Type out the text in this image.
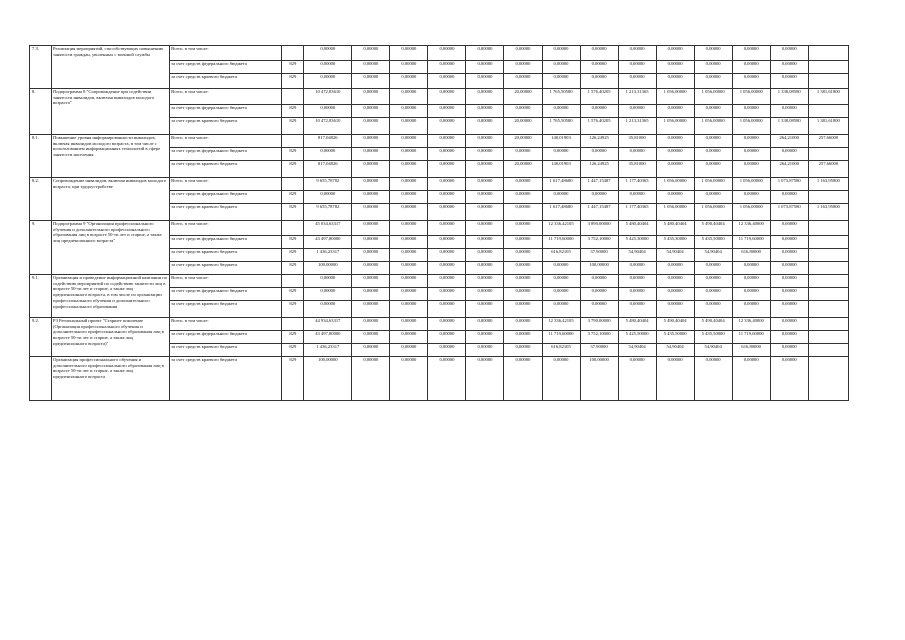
7.3.	Реализация мероприятий, способствующих повышению занятости граждан, уволенных с военной службы	Всего, в том числе:		0,00000	0,00000	0,00000	0,00000	0,00000	0,00000	0,00000	0,00000	0,00000	0,00000	0,00000	0,00000	0,00000	
		за счет средств федерального бюджета	829	0,00000	0,00000	0,00000	0,00000	0,00000	0,00000	0,00000	0,00000	0,00000	0,00000	0,00000	0,00000	0,00000	
		за счет средств краевого бюджета	829	0,00000	0,00000	0,00000	0,00000	0,00000	0,00000	0,00000	0,00000	0,00000	0,00000	0,00000	0,00000	0,00000	
8.	Подпрограмма 8 "Сопровождение при содействии занятости инвалидов, включая инвалидов молодого возраста"	Всего, в том числе:		10 472,83610	0,00000	0,00000	0,00000	0,00000	20,00000	1 765,50580	1 576,40205	1 213,31365	1 056,00000	1 056,00000	1 056,00000	1 338,08580	1 381,61800
		за счет средств федерального бюджета	829	0,00000	0,00000	0,00000	0,00000	0,00000	0,00000	0,00000	0,00000	0,00000	0,00000	0,00000	0,00000	0,00000	
		за счет средств краевого бюджета	829	10 472,83610	0,00000	0,00000	0,00000	0,00000	20,00000	1 765,50580	1 576,40205	1 213,31365	1 056,00000	1 056,00000	1 056,00000	1 338,08580	1 381,61800
8.1.	Повышение уровня информированности инвалидов, включая инвалидов молодого возраста, в том числе с использованием информационных технологий в сфере занятости населения	Всего, в том числе:		817,04826	0,00000	0,00000	0,00000	0,00000	20,00000	140,01903	126,24925	35,81000	0,00000	0,00000	0,00000	264,21000	257,66000
		за счет средств федерального бюджета	829	0,00000	0,00000	0,00000	0,00000	0,00000	0,00000	0,00000	0,00000	0,00000	0,00000	0,00000	0,00000	0,00000	
		за счет средств краевого бюджета	829	817,04826	0,00000	0,00000	0,00000	0,00000	20,00000	140,01903	126,24925	35,81000	0,00000	0,00000	0,00000	264,21000	257,66000
8.2.	Сопровождение инвалидов, включая инвалидов молодого возраста, при трудоустройстве	Всего, в том числе:		9 655,78782	0,00000	0,00000	0,00000	0,00000	0,00000	1 617,48680	1 447,15487	1 177,40365	1 056,00000	1 056,00000	1 056,00000	1 073,87580	1 163,95800
		за счет средств федерального бюджета	829	0,00000	0,00000	0,00000	0,00000	0,00000	0,00000	0,00000	0,00000	0,00000	0,00000	0,00000	0,00000	0,00000	
		за счет средств краевого бюджета	829	9 655,78782	0,00000	0,00000	0,00000	0,00000	0,00000	1 617,48680	1 447,15487	1 177,40365	1 056,00000	1 056,00000	1 056,00000	1 073,87580	1 163,95800
9.	Подпрограмма 9 "Организация профессионального обучения и дополнительного профессионального образования лиц в возрасте 50-ти лет и старше, а также лиц предпенсионного возраста"	Всего, в том числе:		45 034,63317	0,00000	0,00000	0,00000	0,00000	0,00000	12 336,42105	3 890,00000	5 480,40404	5 480,40404	5 490,40404	12 336,40000	0,00000	
		за счет средств федерального бюджета	829	43 497,80000	0,00000	0,00000	0,00000	0,00000	0,00000	11 719,60000	3 752,10000	5 425,30000	5 435,30000	5 435,50000	11 719,60000	0,00000	
		за счет средств краевого бюджета	829	1 436,23317	0,00000	0,00000	0,00000	0,00000	0,00000	616,82105	37,90000	54,90404	54,90404	54,90404	616,80000	0,00000	
		за счет средств краевого бюджета	829	100,00000	0,00000	0,00000	0,00000	0,00000	0,00000	0,00000	100,00000	0,00000	0,00000	0,00000	0,00000	0,00000	
9.1.	Организация и проведение информационной кампании по содействию мероприятий по содействию занятости лиц в возрасте 50-ти лет и старше, а также лиц предпенсионного возраста, в том числе по организации профессионального обучения и дополнительного профессионального образования	Всего, в том числе:		0,00000	0,00000	0,00000	0,00000	0,00000	0,00000	0,00000	0,00000	0,00000	0,00000	0,00000	0,00000	0,00000	
		за счет средств федерального бюджета	829	0,00000	0,00000	0,00000	0,00000	0,00000	0,00000	0,00000	0,00000	0,00000	0,00000	0,00000	0,00000	0,00000	
		за счет средств краевого бюджета	829	0,00000	0,00000	0,00000	0,00000	0,00000	0,00000	0,00000	0,00000	0,00000	0,00000	0,00000	0,00000	0,00000	
9.2.	Р3 Региональный проект "Старшее поколение (Организация профессионального обучения и дополнительного профессионального образования лиц в возрасте 50-ти лет и старше, а также лиц предпенсионного возраста)"	Всего, в том числе:		44 934,63317	0,00000	0,00000	0,00000	0,00000	0,00000	12 336,42105	3 790,00000	5 480,40404	5 490,40404	5 490,40404	12 336,40000	0,00000	
		за счет средств федерального бюджета	829	43 497,80000	0,00000	0,00000	0,00000	0,00000	0,00000	11 719,60000	3 752,10000	5 425,50000	5 435,50000	5 435,50000	11 719,60000	0,00000	
		за счет средств краевого бюджета	829	1 436,23317	0,00000	0,00000	0,00000	0,00000	0,00000	616,82105	37,90000	54,90404	54,90404	54,90404	616,80000	0,00000	
	Организация профессионального обучения и дополнительного профессионального образования лиц в возрасте 50-ти лет и старше, а также лиц предпенсионного возраста	за счет средств краевого бюджета	829	100,00000	0,00000	0,00000	0,00000	0,00000	0,00000	0,00000	100,00000	0,00000	0,00000	0,00000	0,00000	0,00000	
